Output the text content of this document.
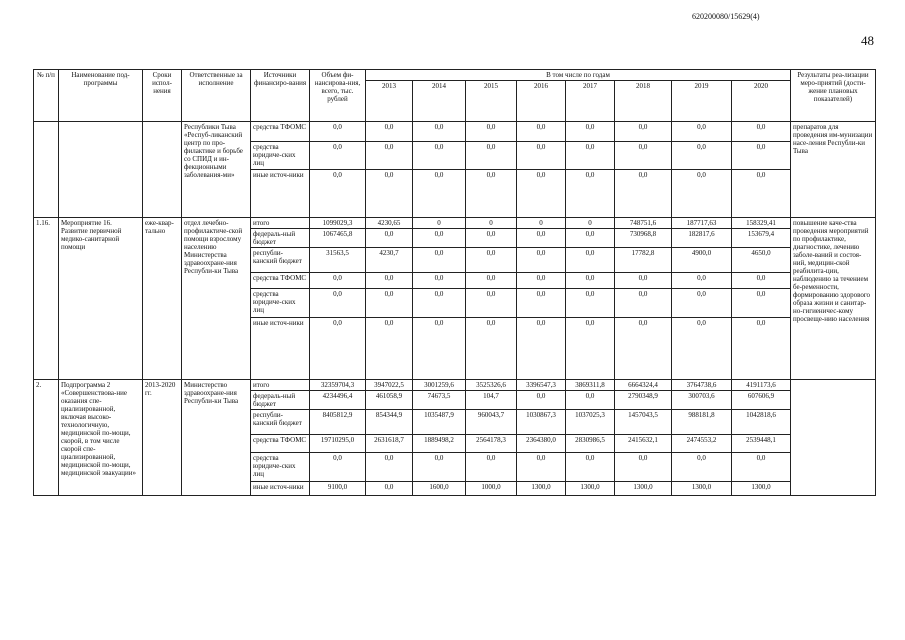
620200080/15629(4)
48
№ п/п	Наименование под-программы	Сроки испол-нения	Ответственные за исполнение	Источники финансиро-вания	Объем фи-нансирова-ния, всего, тыс. рублей	В том числе по годам								Результаты реа-лизации меро-приятий (дости-жение плановых показателей)
						2013	2014	2015	2016	2017	2018	2019	2020	
			Республики Тыва «Респуб-ликанский центр по про-филактике и борьбе со СПИД и ин-фекционными заболевания-ми»	средства ТФОМС	0,0	0,0	0,0	0,0	0,0	0,0	0,0	0,0	0,0	препаратов для проведения им-мунизации насе-ления Республи-ки Тыва
				средства юридиче-ских лиц	0,0	0,0	0,0	0,0	0,0	0,0	0,0	0,0	0,0	
				иные источ-ники	0,0	0,0	0,0	0,0	0,0	0,0	0,0	0,0	0,0	
1.16.	Мероприятие 16. Развитие первичной медико-санитарной помощи	еже-квар-тально	отдел лечебно-профилактиче-ской помощи взрослому населению Министерства здравоохране-ния Республи-ки Тыва	итого	1099029,3	4230,65	0	0	0	0	748751,6	187717,63	158329,41	повышение каче-ства проведения мероприятий по профилактике, диагностике, лечению заболе-ваний и состоя-ний, медицин-ской реабилита-ции, наблюдению за течением бе-ременности, формированию здорового образа жизни и санитар-но-гигиеничес-кому просвеще-нию населения
				федераль-ный бюджет	1067465,8	0,0	0,0	0,0	0,0	0,0	730968,8	182817,6	153679,4	
				республи-канский бюджет	31563,5	4230,7	0,0	0,0	0,0	0,0	17782,8	4900,0	4650,0	
				средства ТФОМС	0,0	0,0	0,0	0,0	0,0	0,0	0,0	0,0	0,0	
				средства юридиче-ских лиц	0,0	0,0	0,0	0,0	0,0	0,0	0,0	0,0	0,0	
				иные источ-ники	0,0	0,0	0,0	0,0	0,0	0,0	0,0	0,0	0,0	
2.	Подпрограмма 2 «Совершенствова-ние оказания спе-циализированной, включая высоко-технологичную, медицинской по-мощи, скорой, в том числе скорой спе-циализированной, медицинской по-мощи, медицинской эвакуации»	2013-2020 гг.	Министерство здравоохране-ния Республи-ки Тыва	итого	32359704,3	3947022,5	3001259,6	3525326,6	3396547,3	3869311,8	6664324,4	3764738,6	4191173,6	
				федераль-ный бюджет	4234496,4	461058,9	74673,5	104,7	0,0	0,0	2790348,9	300703,6	607606,9	
				республи-канский бюджет	8405812,9	854344,9	1035487,9	960043,7	1030867,3	1037025,3	1457043,5	988181,8	1042818,6	
				средства ТФОМС	19710295,0	2631618,7	1889498,2	2564178,3	2364380,0	2830986,5	2415632,1	2474553,2	2539448,1	
				средства юридиче-ских лиц	0,0	0,0	0,0	0,0	0,0	0,0	0,0	0,0	0,0	
				иные источ-ники	9100,0	0,0	1600,0	1000,0	1300,0	1300,0	1300,0	1300,0	1300,0	
